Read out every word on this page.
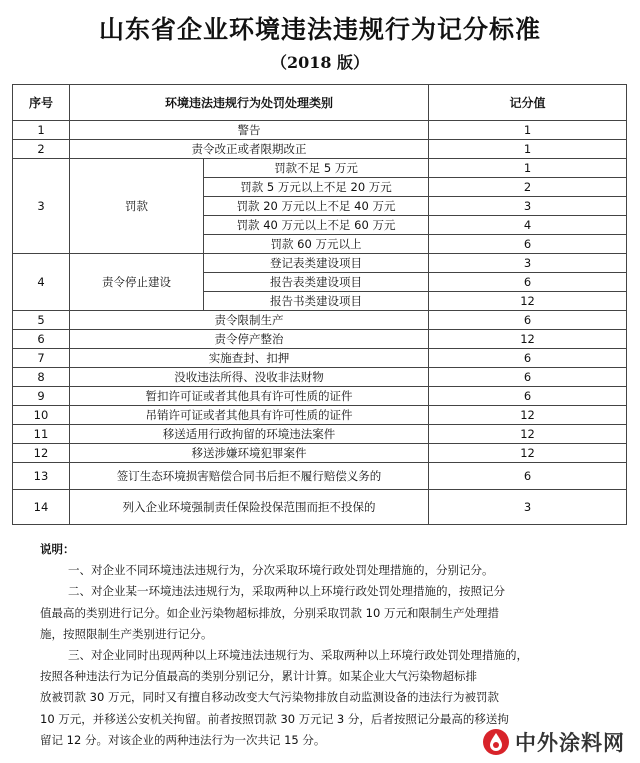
山东省企业环境违法违规行为记分标准
（2018 版）
序号	环境违法违规行为处罚处理类别		记分值
1	警告		1
2	责令改正或者限期改正		1
3	罚款	罚款不足 5 万元	1
		罚款 5 万元以上不足 20 万元	2
		罚款 20 万元以上不足 40 万元	3
		罚款 40 万元以上不足 60 万元	4
		罚款 60 万元以上	6
4	责令停止建设	登记表类建设项目	3
		报告表类建设项目	6
		报告书类建设项目	12
5	责令限制生产		6
6	责令停产整治		12
7	实施查封、扣押		6
8	没收违法所得、没收非法财物		6
9	暂扣许可证或者其他具有许可性质的证件		6
10	吊销许可证或者其他具有许可性质的证件		12
11	移送适用行政拘留的环境违法案件		12
12	移送涉嫌环境犯罪案件		12
13	签订生态环境损害赔偿合同书后拒不履行赔偿义务的		6
14	列入企业环境强制责任保险投保范围而拒不投保的		3

说明：

一、对企业不同环境违法违规行为，分次采取环境行政处罚处理措施的，分别记分。

二、对企业某一环境违法违规行为，采取两种以上环境行政处罚处理措施的，按照记分

值最高的类别进行记分。如企业污染物超标排放，分别采取罚款 10 万元和限制生产处理措

施，按照限制生产类别进行记分。

三、对企业同时出现两种以上环境违法违规行为、采取两种以上环境行政处罚处理措施的，

按照各种违法行为记分值最高的类别分别记分，累计计算。如某企业大气污染物超标排

放被罚款 30 万元，同时又有擅自移动改变大气污染物排放自动监测设备的违法行为被罚款

10 万元，并移送公安机关拘留。前者按照罚款 30 万元记 3 分，后者按照记分最高的移送拘

留记 12 分。对该企业的两种违法行为一次共记 15 分。	中外涂料网
